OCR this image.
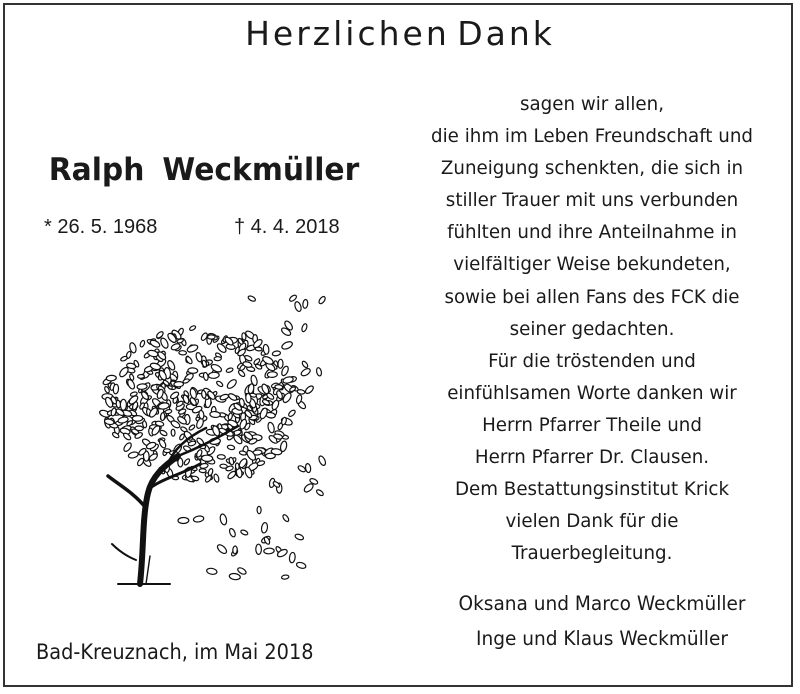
Herzlichen Dank
Ralph Weckmüller
* 26. 5. 1968	† 4. 4. 2018
Bad-Kreuznach, im Mai 2018
sagen wir allen,
die ihm im Leben Freundschaft und
Zuneigung schenkten, die sich in
stiller Trauer mit uns verbunden
fühlten und ihre Anteilnahme in
vielfältiger Weise bekundeten,
sowie bei allen Fans des FCK die
seiner gedachten.
Für die tröstenden und
einfühlsamen Worte danken wir
Herrn Pfarrer Theile und
Herrn Pfarrer Dr. Clausen.
Dem Bestattungsinstitut Krick
vielen Dank für die
Trauerbegleitung.
Oksana und Marco Weckmüller
Inge und Klaus Weckmüller
